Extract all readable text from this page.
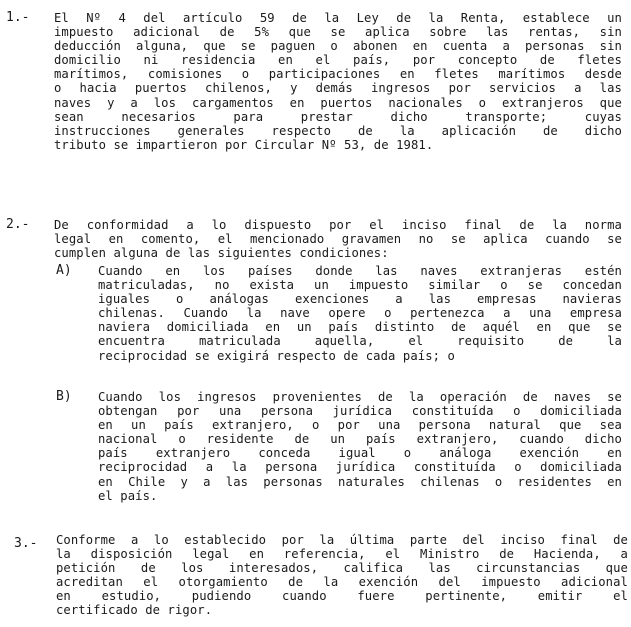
1.- El Nº 4 del artículo 59 de la Ley de la Renta, establece un
impuesto adicional de 5% que se aplica sobre las rentas, sin
deducción alguna, que se paguen o abonen en cuenta a personas sin
domicilio ni residencia en el país, por concepto de fletes
marítimos, comisiones o participaciones en fletes marítimos desde
o hacia puertos chilenos, y demás ingresos por servicios a las
naves y a los cargamentos en puertos nacionales o extranjeros que
sean necesarios para prestar dicho transporte; cuyas
instrucciones generales respecto de la aplicación de dicho
tributo se impartieron por Circular Nº 53, de 1981.
2.- De conformidad a lo dispuesto por el inciso final de la norma
legal en comento, el mencionado gravamen no se aplica cuando se
cumplen alguna de las siguientes condiciones:
A) Cuando en los países donde las naves extranjeras estén
matriculadas, no exista un impuesto similar o se concedan
iguales o análogas exenciones a las empresas navieras
chilenas. Cuando la nave opere o pertenezca a una empresa
naviera domiciliada en un país distinto de aquél en que se
encuentra matriculada aquella, el requisito de la
reciprocidad se exigirá respecto de cada país; o
B) Cuando los ingresos provenientes de la operación de naves se
obtengan por una persona jurídica constituída o domiciliada
en un país extranjero, o por una persona natural que sea
nacional o residente de un país extranjero, cuando dicho
país extranjero conceda igual o análoga exención en
reciprocidad a la persona jurídica constituída o domiciliada
en Chile y a las personas naturales chilenas o residentes en
el país.
3.- Conforme a lo establecido por la última parte del inciso final de
la disposición legal en referencia, el Ministro de Hacienda, a
petición de los interesados, califica las circunstancias que
acreditan el otorgamiento de la exención del impuesto adicional
en estudio, pudiendo cuando fuere pertinente, emitir el
certificado de rigor.
